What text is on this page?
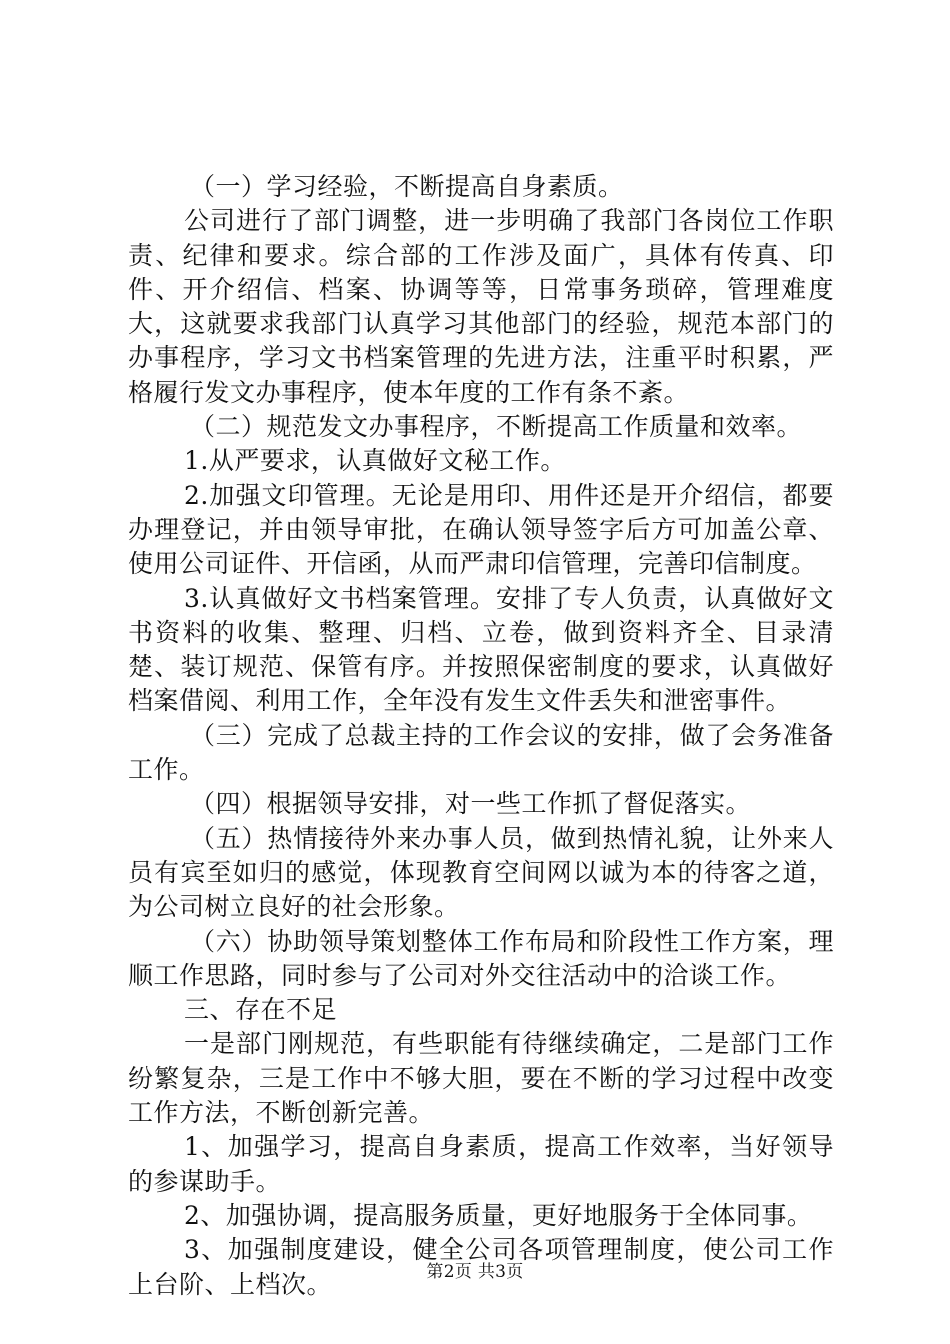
（一）学习经验，不断提高自身素质。

公司进行了部门调整，进一步明确了我部门各岗位工作职责、纪律和要求。综合部的工作涉及面广，具体有传真、印件、开介绍信、档案、协调等等，日常事务琐碎，管理难度大，这就要求我部门认真学习其他部门的经验，规范本部门的办事程序，学习文书档案管理的先进方法，注重平时积累，严格履行发文办事程序，使本年度的工作有条不紊。

（二）规范发文办事程序，不断提高工作质量和效率。

1.从严要求，认真做好文秘工作。

2.加强文印管理。无论是用印、用件还是开介绍信，都要办理登记，并由领导审批，在确认领导签字后方可加盖公章、使用公司证件、开信函，从而严肃印信管理，完善印信制度。

3.认真做好文书档案管理。安排了专人负责，认真做好文书资料的收集、整理、归档、立卷，做到资料齐全、目录清楚、装订规范、保管有序。并按照保密制度的要求，认真做好档案借阅、利用工作，全年没有发生文件丢失和泄密事件。

（三）完成了总裁主持的工作会议的安排，做了会务准备工作。

（四）根据领导安排，对一些工作抓了督促落实。

（五）热情接待外来办事人员，做到热情礼貌，让外来人员有宾至如归的感觉，体现教育空间网以诚为本的待客之道，为公司树立良好的社会形象。

（六）协助领导策划整体工作布局和阶段性工作方案，理顺工作思路，同时参与了公司对外交往活动中的洽谈工作。

三、存在不足

一是部门刚规范，有些职能有待继续确定，二是部门工作纷繁复杂，三是工作中不够大胆，要在不断的学习过程中改变工作方法，不断创新完善。

1、加强学习，提高自身素质，提高工作效率，当好领导的参谋助手。

2、加强协调，提高服务质量，更好地服务于全体同事。

3、加强制度建设，健全公司各项管理制度，使公司工作上台阶、上档次。	第2页 共3页
